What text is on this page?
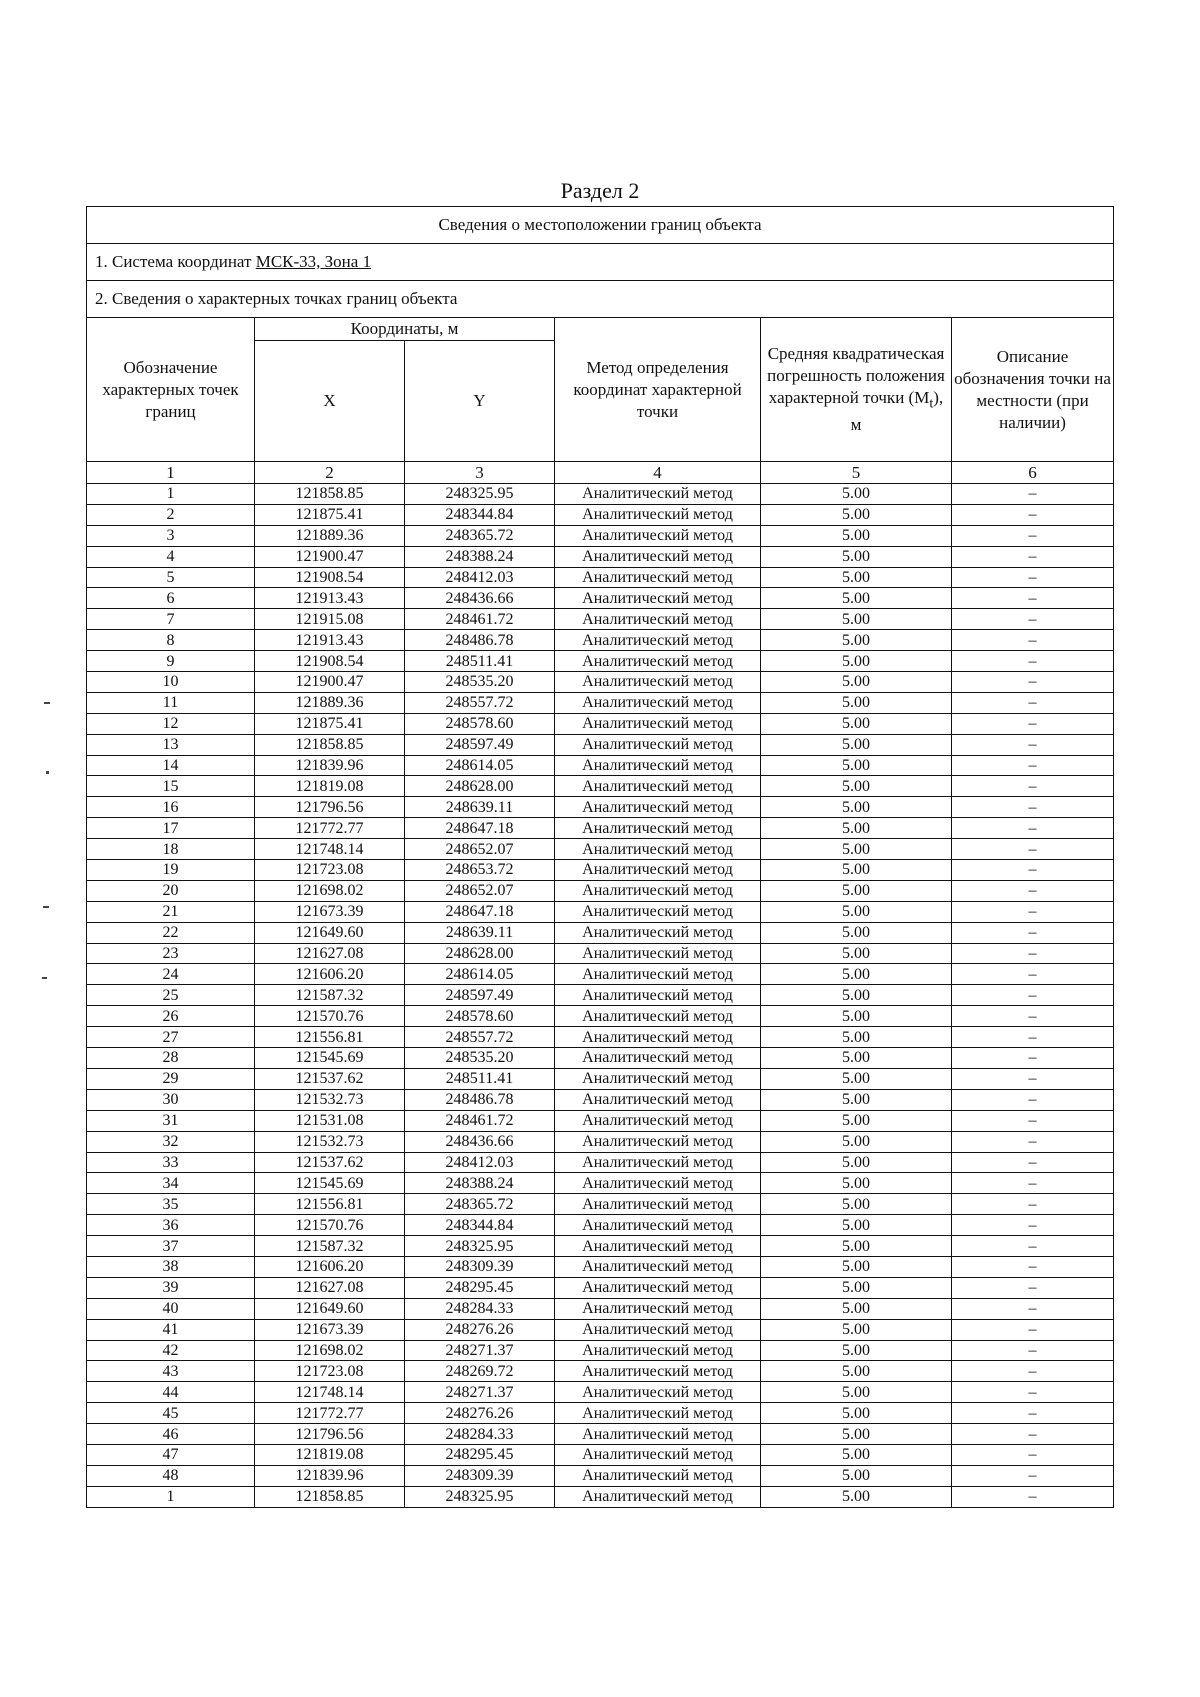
Раздел 2
Сведения о местоположении границ объекта					
1. Система координат МСК-33, Зона 1					
2. Сведения о характерных точках границ объекта					
Обозначение характерных точек границ	Координаты, м		Метод определения координат характерной точки	Средняя квадратическая погрешность положения характерной точки $(M_t)$, м	Описание обозначения точки на местности (при наличии)
	X	Y			
1	2	3	4	5	6
1	121858.85	248325.95	Аналитический метод	5.00	–
2	121875.41	248344.84	Аналитический метод	5.00	–
3	121889.36	248365.72	Аналитический метод	5.00	–
4	121900.47	248388.24	Аналитический метод	5.00	–
5	121908.54	248412.03	Аналитический метод	5.00	–
6	121913.43	248436.66	Аналитический метод	5.00	–
7	121915.08	248461.72	Аналитический метод	5.00	–
8	121913.43	248486.78	Аналитический метод	5.00	–
9	121908.54	248511.41	Аналитический метод	5.00	–
10	121900.47	248535.20	Аналитический метод	5.00	–
11	121889.36	248557.72	Аналитический метод	5.00	–
12	121875.41	248578.60	Аналитический метод	5.00	–
13	121858.85	248597.49	Аналитический метод	5.00	–
14	121839.96	248614.05	Аналитический метод	5.00	–
15	121819.08	248628.00	Аналитический метод	5.00	–
16	121796.56	248639.11	Аналитический метод	5.00	–
17	121772.77	248647.18	Аналитический метод	5.00	–
18	121748.14	248652.07	Аналитический метод	5.00	–
19	121723.08	248653.72	Аналитический метод	5.00	–
20	121698.02	248652.07	Аналитический метод	5.00	–
21	121673.39	248647.18	Аналитический метод	5.00	–
22	121649.60	248639.11	Аналитический метод	5.00	–
23	121627.08	248628.00	Аналитический метод	5.00	–
24	121606.20	248614.05	Аналитический метод	5.00	–
25	121587.32	248597.49	Аналитический метод	5.00	–
26	121570.76	248578.60	Аналитический метод	5.00	–
27	121556.81	248557.72	Аналитический метод	5.00	–
28	121545.69	248535.20	Аналитический метод	5.00	–
29	121537.62	248511.41	Аналитический метод	5.00	–
30	121532.73	248486.78	Аналитический метод	5.00	–
31	121531.08	248461.72	Аналитический метод	5.00	–
32	121532.73	248436.66	Аналитический метод	5.00	–
33	121537.62	248412.03	Аналитический метод	5.00	–
34	121545.69	248388.24	Аналитический метод	5.00	–
35	121556.81	248365.72	Аналитический метод	5.00	–
36	121570.76	248344.84	Аналитический метод	5.00	–
37	121587.32	248325.95	Аналитический метод	5.00	–
38	121606.20	248309.39	Аналитический метод	5.00	–
39	121627.08	248295.45	Аналитический метод	5.00	–
40	121649.60	248284.33	Аналитический метод	5.00	–
41	121673.39	248276.26	Аналитический метод	5.00	–
42	121698.02	248271.37	Аналитический метод	5.00	–
43	121723.08	248269.72	Аналитический метод	5.00	–
44	121748.14	248271.37	Аналитический метод	5.00	–
45	121772.77	248276.26	Аналитический метод	5.00	–
46	121796.56	248284.33	Аналитический метод	5.00	–
47	121819.08	248295.45	Аналитический метод	5.00	–
48	121839.96	248309.39	Аналитический метод	5.00	–
1	121858.85	248325.95	Аналитический метод	5.00	–
